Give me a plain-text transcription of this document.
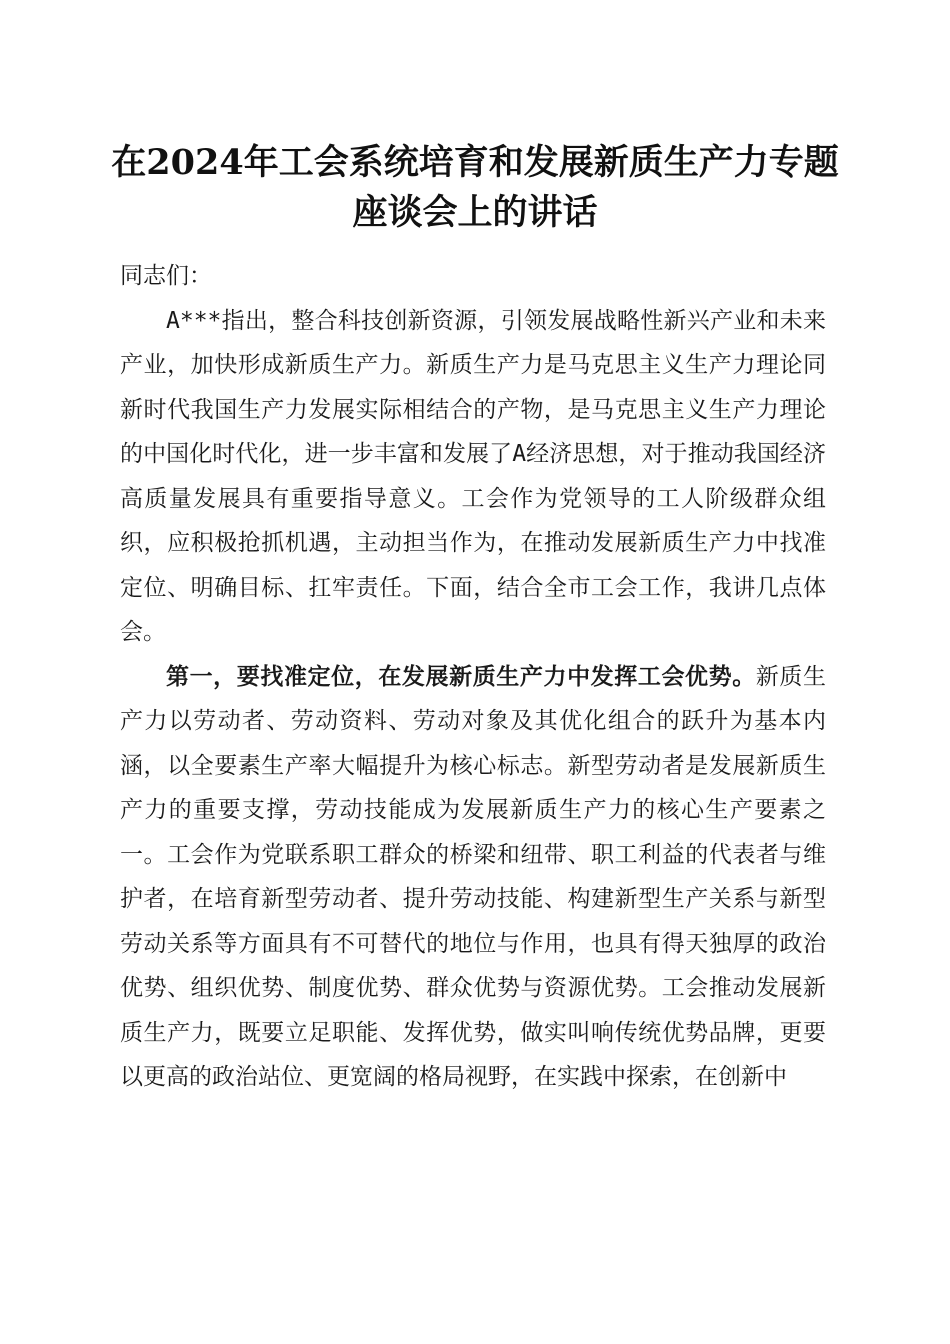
在2024年工会系统培育和发展新质生产力专题座谈会上的讲话

同志们：

A***指出，整合科技创新资源，引领发展战略性新兴产业和未来产业，加快形成新质生产力。新质生产力是马克思主义生产力理论同新时代我国生产力发展实际相结合的产物，是马克思主义生产力理论的中国化时代化，进一步丰富和发展了A经济思想，对于推动我国经济高质量发展具有重要指导意义。工会作为党领导的工人阶级群众组织，应积极抢抓机遇，主动担当作为，在推动发展新质生产力中找准定位、明确目标、扛牢责任。下面，结合全市工会工作，我讲几点体会。

第一，要找准定位，在发展新质生产力中发挥工会优势。新质生产力以劳动者、劳动资料、劳动对象及其优化组合的跃升为基本内涵，以全要素生产率大幅提升为核心标志。新型劳动者是发展新质生产力的重要支撑，劳动技能成为发展新质生产力的核心生产要素之一。工会作为党联系职工群众的桥梁和纽带、职工利益的代表者与维护者，在培育新型劳动者、提升劳动技能、构建新型生产关系与新型劳动关系等方面具有不可替代的地位与作用，也具有得天独厚的政治优势、组织优势、制度优势、群众优势与资源优势。工会推动发展新质生产力，既要立足职能、发挥优势，做实叫响传统优势品牌，更要以更高的政治站位、更宽阔的格局视野，在实践中探索，在创新中
